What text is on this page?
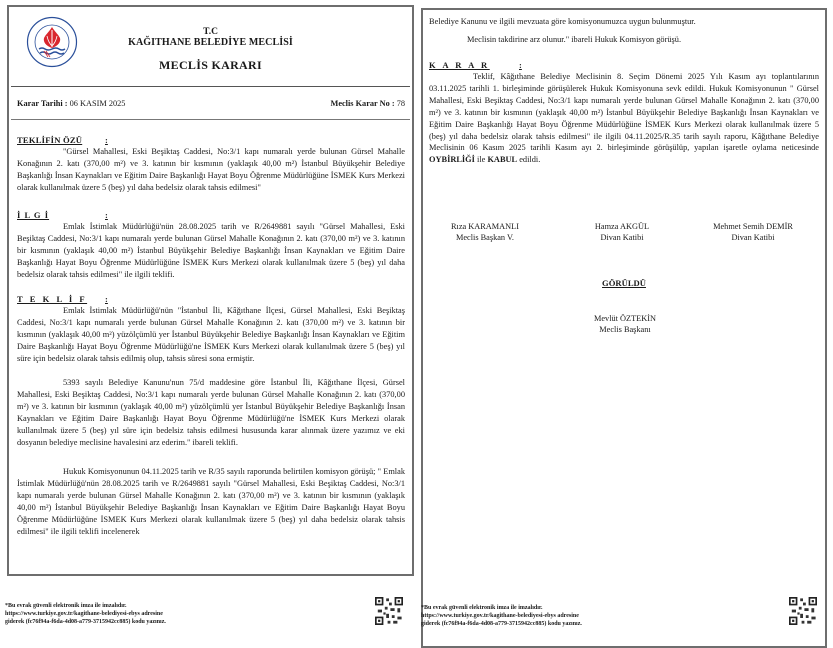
T.C
KAĞITHANE BELEDİYE MECLİSİ
MECLİS KARARI
Karar Tarihi : 06 KASIM 2025	Meclis Karar No : 78
TEKLİFİN ÖZÜ	:
"Gürsel Mahallesi, Eski Beşiktaş Caddesi, No:3/1 kapı numaralı yerde bulunan Gürsel Mahalle Konağının 2. katı (370,00 m²) ve 3. katının bir kısmının (yaklaşık 40,00 m²) İstanbul Büyükşehir Belediye Başkanlığı İnsan Kaynakları ve Eğitim Daire Başkanlığı Hayat Boyu Öğrenme Müdürlüğüne İSMEK Kurs Merkezi olarak kullanılmak üzere 5 (beş) yıl daha bedelsiz olarak tahsis edilmesi"
İ L G İ	:
Emlak İstimlak Müdürlüğü'nün 28.08.2025 tarih ve R/2649881 sayılı "Gürsel Mahallesi, Eski Beşiktaş Caddesi, No:3/1 kapı numaralı yerde bulunan Gürsel Mahalle Konağının 2. katı (370,00 m²) ve 3. katının bir kısmının (yaklaşık 40,00 m²) İstanbul Büyükşehir Belediye Başkanlığı İnsan Kaynakları ve Eğitim Daire Başkanlığı Hayat Boyu Öğrenme Müdürlüğüne İSMEK Kurs Merkezi olarak kullanılmak üzere 5 (beş) yıl daha bedelsiz olarak tahsis edilmesi" ile ilgili teklifi.
T E K L İ F :
Emlak İstimlak Müdürlüğü'nün "İstanbul İli, Kâğıthane İlçesi, Gürsel Mahallesi, Eski Beşiktaş Caddesi, No:3/1 kapı numaralı yerde bulunan Gürsel Mahalle Konağının 2. katı (370,00 m²) ve 3. katının bir kısmının (yaklaşık 40,00 m²) yüzölçümlü yer İstanbul Büyükşehir Belediye Başkanlığı İnsan Kaynakları ve Eğitim Daire Başkanlığı Hayat Boyu Öğrenme Müdürlüğü'ne İSMEK Kurs Merkezi olarak kullanılmak üzere 5 (beş) yıl süre için bedelsiz olarak tahsis edilmiş olup, tahsis süresi sona ermiştir.
5393 sayılı Belediye Kanunu'nun 75/d maddesine göre İstanbul İli, Kâğıthane İlçesi, Gürsel Mahallesi, Eski Beşiktaş Caddesi, No:3/1 kapı numaralı yerde bulunan Gürsel Mahalle Konağının 2. katı (370,00 m²) ve 3. katının bir kısmının (yaklaşık 40,00 m²) yüzölçümlü yer İstanbul Büyükşehir Belediye Başkanlığı İnsan Kaynakları ve Eğitim Daire Başkanlığı Hayat Boyu Öğrenme Müdürlüğü'ne İSMEK Kurs Merkezi olarak kullanılmak üzere 5 (beş) yıl süre için bedelsiz tahsis edilmesi hususunda karar alınmak üzere yazımız ve eki dosyanın belediye meclisine havalesini arz ederim." ibareli teklifi.
Hukuk Komisyonunun 04.11.2025 tarih ve R/35 sayılı raporunda belirtilen komisyon görüşü; " Emlak İstimlak Müdürlüğü'nün 28.08.2025 tarih ve R/2649881 sayılı "Gürsel Mahallesi, Eski Beşiktaş Caddesi, No:3/1 kapı numaralı yerde bulunan Gürsel Mahalle Konağının 2. katı (370,00 m²) ve 3. katının bir kısmının (yaklaşık 40,00 m²) İstanbul Büyükşehir Belediye Başkanlığı İnsan Kaynakları ve Eğitim Daire Başkanlığı Hayat Boyu Öğrenme Müdürlüğüne İSMEK Kurs Merkezi olarak kullanılmak üzere 5 (beş) yıl daha bedelsiz olarak tahsis edilmesi" ile ilgili teklifi incelenerek
*Bu evrak güvenli elektronik imza ile imzalıdır.
https://www.turkiye.gov.tr/kagithane-belediyesi-ebys adresine
giderek (fc76f94a-f6da-4d08-a779-3715942cc885) kodu yazınız.
Belediye Kanunu ve ilgili mevzuata göre komisyonumuzca uygun bulunmuştur.
Meclisin takdirine arz olunur." ibareli Hukuk Komisyon görüşü.
K A R A R	:
Teklif, Kâğıthane Belediye Meclisinin 8. Seçim Dönemi 2025 Yılı Kasım ayı toplantılarının 03.11.2025 tarihli 1. birleşiminde görüşülerek Hukuk Komisyonuna sevk edildi. Hukuk Komisyonunun " Gürsel Mahallesi, Eski Beşiktaş Caddesi, No:3/1 kapı numaralı yerde bulunan Gürsel Mahalle Konağının 2. katı (370,00 m²) ve 3. katının bir kısmının (yaklaşık 40,00 m²) İstanbul Büyükşehir Belediye Başkanlığı İnsan Kaynakları ve Eğitim Daire Başkanlığı Hayat Boyu Öğrenme Müdürlüğüne İSMEK Kurs Merkezi olarak kullanılmak üzere 5 (beş) yıl daha bedelsiz olarak tahsis edilmesi" ile ilgili 04.11.2025/R.35 tarih sayılı raporu, Kâğıthane Belediye Meclisinin 06 Kasım 2025 tarihli Kasım ayı 2. birleşiminde görüşülüp, yapılan işaretle oylama neticesinde OYBİRLİĞİ ile KABUL edildi.
Rıza KARAMANLI
Meclis Başkan V.
Hamza AKGÜL
Divan Katibi
Mehmet Semih DEMİR
Divan Katibi
GÖRÜLDÜ
Mevlüt ÖZTEKİN
Meclis Başkanı
*Bu evrak güvenli elektronik imza ile imzalıdır.
https://www.turkiye.gov.tr/kagithane-belediyesi-ebys adresine
giderek (fc76f94a-f6da-4d08-a779-3715942cc885) kodu yazınız.
